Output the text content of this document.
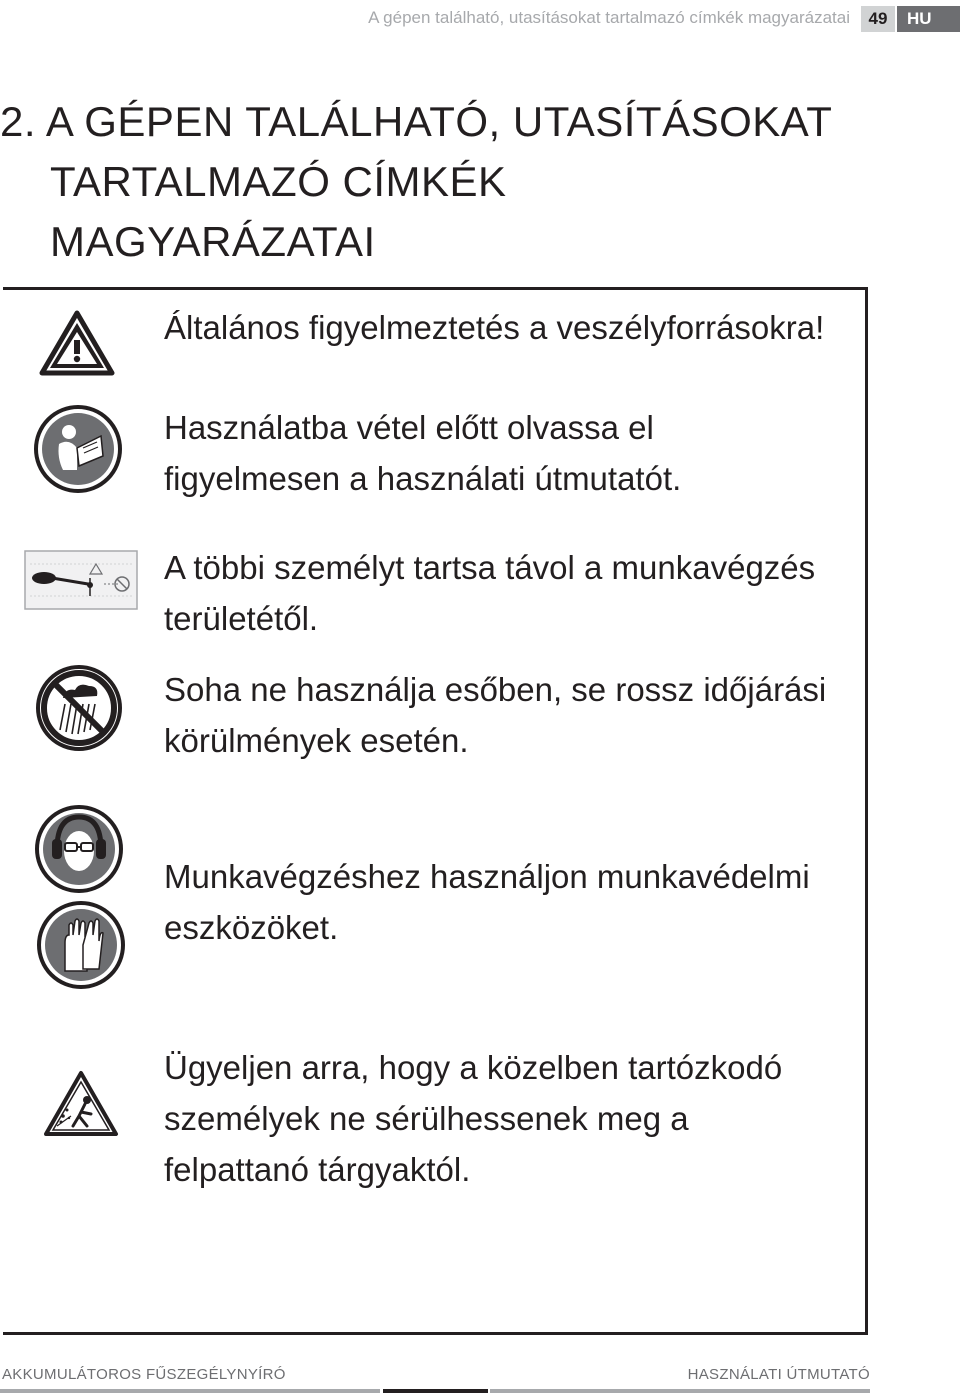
A gépen található, utasításokat tartalmazó címkék magyarázatai	49	HU
2. A GÉPEN TALÁLHATÓ, UTASÍTÁSOKAT
TARTALMAZÓ CÍMKÉK
MAGYARÁZATAI
Általános figyelmeztetés a veszélyforrásokra!
Használatba vétel előtt olvassa el
figyelmesen a használati útmutatót.
A többi személyt tartsa távol a munkavégzés
területétől.
Soha ne használja esőben, se rossz időjárási
körülmények esetén.
Munkavégzéshez használjon munkavédelmi
eszközöket.
Ügyeljen arra, hogy a közelben tartózkodó
személyek ne sérülhessenek meg a
felpattanó tárgyaktól.
AKKUMULÁTOROS FŰSZEGÉLYNYÍRÓ	HASZNÁLATI ÚTMUTATÓ
